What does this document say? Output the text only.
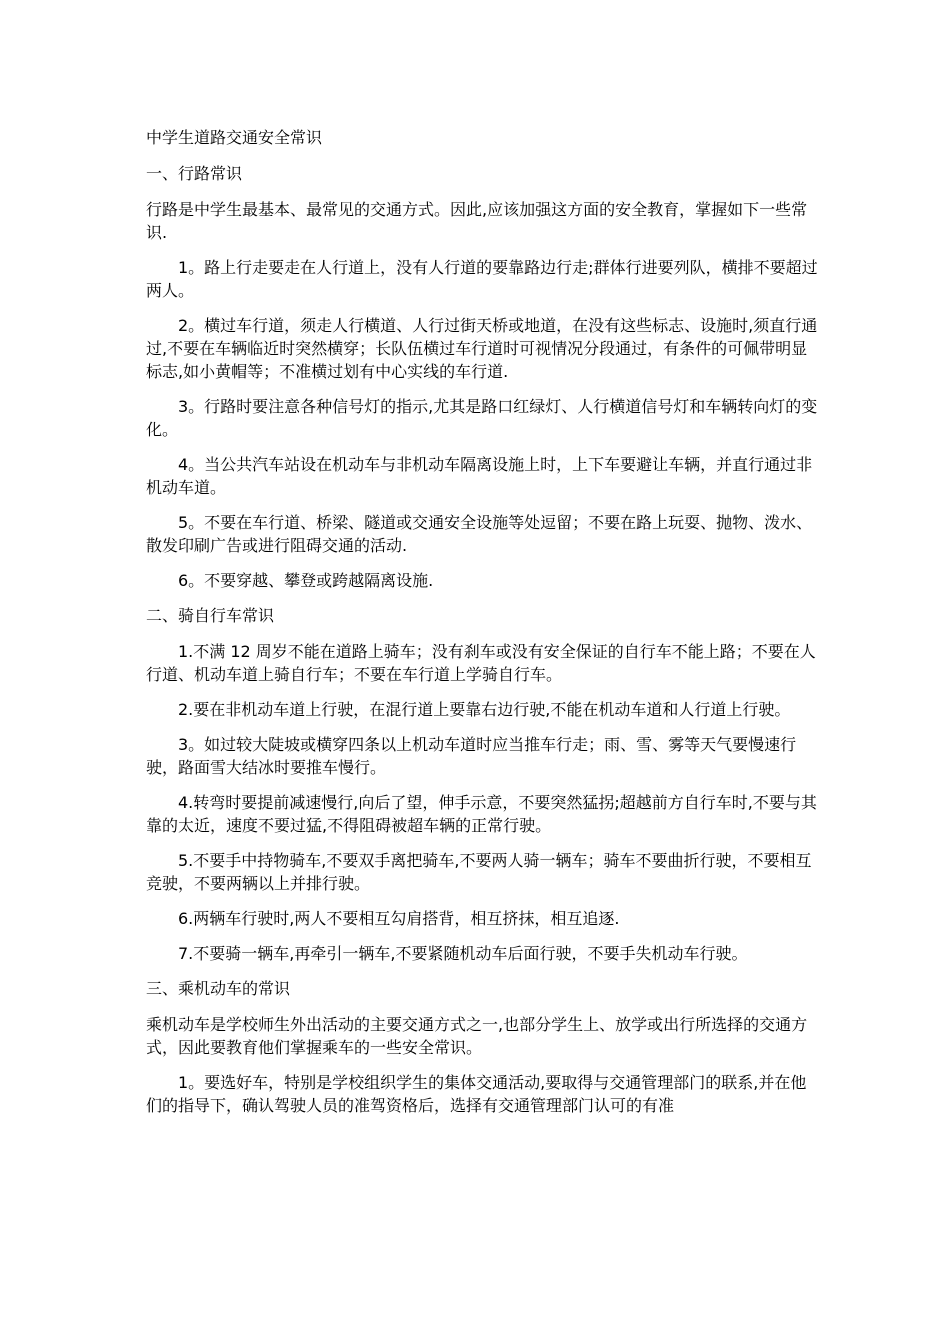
中学生道路交通安全常识

一、行路常识

行路是中学生最基本、最常见的交通方式。因此,应该加强这方面的安全教育，掌握如下一些常识.

1。路上行走要走在人行道上，没有人行道的要靠路边行走;群体行进要列队，横排不要超过两人。

2。横过车行道，须走人行横道、人行过街天桥或地道，在没有这些标志、设施时,须直行通过,不要在车辆临近时突然横穿；长队伍横过车行道时可视情况分段通过，有条件的可佩带明显标志,如小黄帽等；不准横过划有中心实线的车行道.

3。行路时要注意各种信号灯的指示,尤其是路口红绿灯、人行横道信号灯和车辆转向灯的变化。

4。当公共汽车站设在机动车与非机动车隔离设施上时，上下车要避让车辆，并直行通过非机动车道。

5。不要在车行道、桥梁、隧道或交通安全设施等处逗留；不要在路上玩耍、抛物、泼水、散发印刷广告或进行阻碍交通的活动.

6。不要穿越、攀登或跨越隔离设施.

二、骑自行车常识

1.不满 12 周岁不能在道路上骑车；没有刹车或没有安全保证的自行车不能上路；不要在人行道、机动车道上骑自行车；不要在车行道上学骑自行车。

2.要在非机动车道上行驶，在混行道上要靠右边行驶,不能在机动车道和人行道上行驶。

3。如过较大陡坡或横穿四条以上机动车道时应当推车行走；雨、雪、雾等天气要慢速行驶，路面雪大结冰时要推车慢行。

4.转弯时要提前减速慢行,向后了望，伸手示意，不要突然猛拐;超越前方自行车时,不要与其靠的太近，速度不要过猛,不得阻碍被超车辆的正常行驶。

5.不要手中持物骑车,不要双手离把骑车,不要两人骑一辆车；骑车不要曲折行驶，不要相互竞驶，不要两辆以上并排行驶。

6.两辆车行驶时,两人不要相互勾肩搭背，相互挤抹，相互追逐.

7.不要骑一辆车,再牵引一辆车,不要紧随机动车后面行驶，不要手失机动车行驶。

三、乘机动车的常识

乘机动车是学校师生外出活动的主要交通方式之一,也部分学生上、放学或出行所选择的交通方式，因此要教育他们掌握乘车的一些安全常识。

1。要选好车，特别是学校组织学生的集体交通活动,要取得与交通管理部门的联系,并在他们的指导下，确认驾驶人员的准驾资格后，选择有交通管理部门认可的有准
